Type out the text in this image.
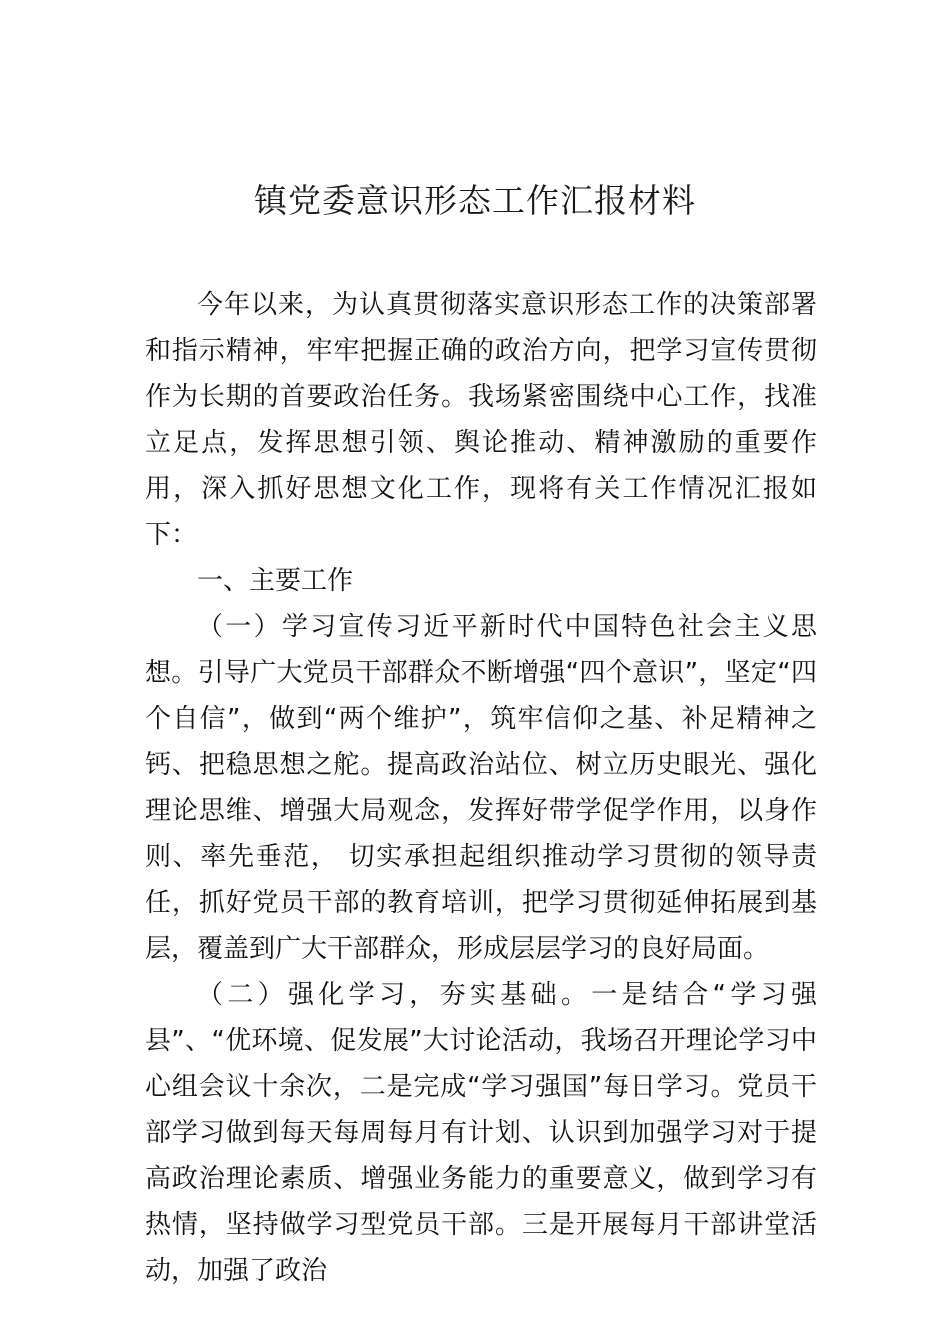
镇党委意识形态工作汇报材料

今年以来，为认真贯彻落实意识形态工作的决策部署和指示精神，牢牢把握正确的政治方向，把学习宣传贯彻作为长期的首要政治任务。我场紧密围绕中心工作，找准立足点，发挥思想引领、舆论推动、精神激励的重要作用，深入抓好思想文化工作，现将有关工作情况汇报如下：

一、主要工作

（一）学习宣传习近平新时代中国特色社会主义思想。引导广大党员干部群众不断增强“四个意识”，坚定“四个自信”，做到“两个维护”，筑牢信仰之基、补足精神之钙、把稳思想之舵。提高政治站位、树立历史眼光、强化理论思维、增强大局观念，发挥好带学促学作用，以身作则、率先垂范， 切实承担起组织推动学习贯彻的领导责任，抓好党员干部的教育培训，把学习贯彻延伸拓展到基层，覆盖到广大干部群众，形成层层学习的良好局面。

（二）强化学习，夯实基础。一是结合“学习强县”、“优环境、促发展”大讨论活动，我场召开理论学习中心组会议十余次，二是完成“学习强国”每日学习。党员干部学习做到每天每周每月有计划、认识到加强学习对于提高政治理论素质、增强业务能力的重要意义，做到学习有热情，坚持做学习型党员干部。三是开展每月干部讲堂活动，加强了政治
